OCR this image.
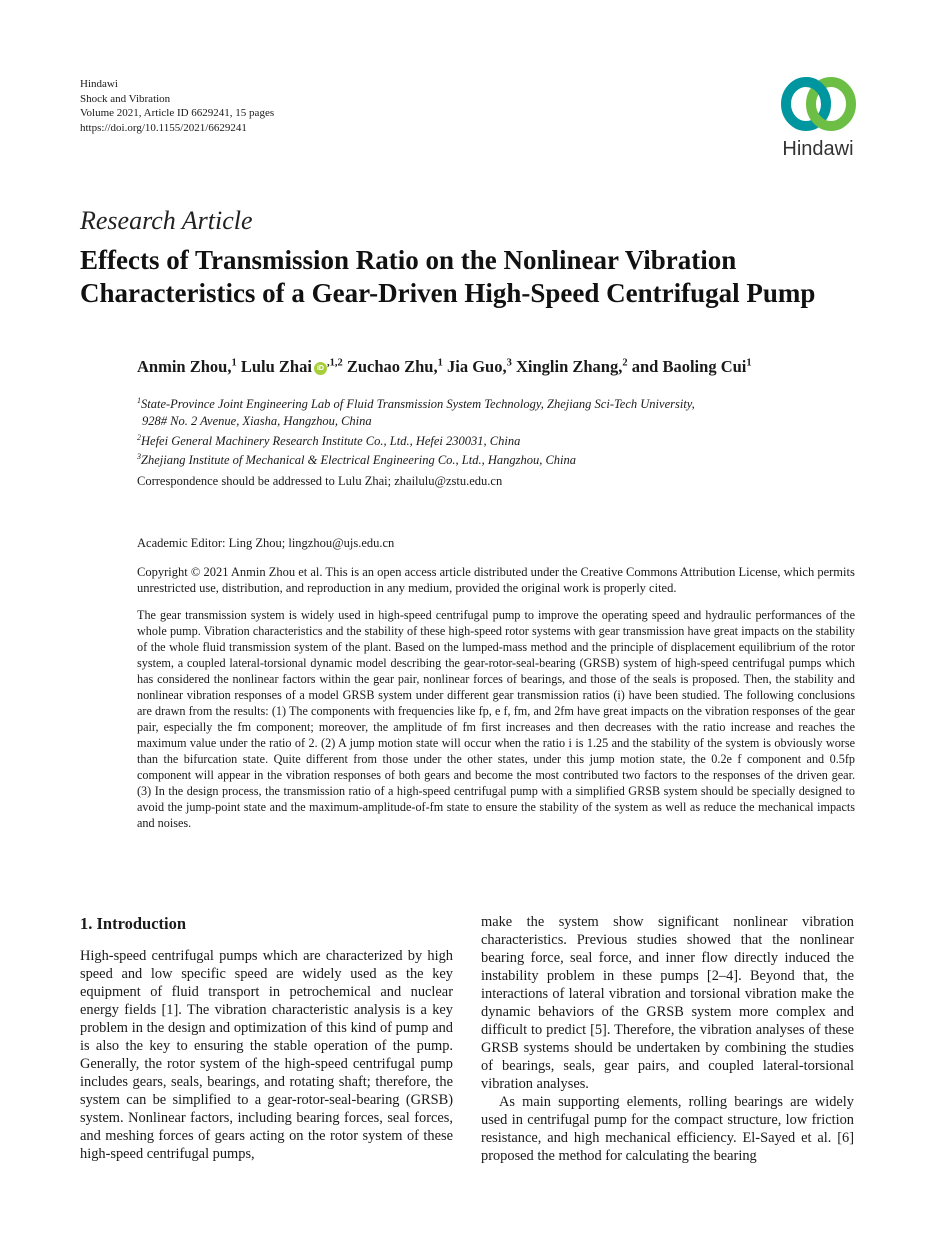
Hindawi
Shock and Vibration
Volume 2021, Article ID 6629241, 15 pages
https://doi.org/10.1155/2021/6629241
Hindawi
Research Article
Effects of Transmission Ratio on the Nonlinear Vibration Characteristics of a Gear-Driven High-Speed Centrifugal Pump
Anmin Zhou,$^1$ Lulu Zhai iD $^{,1,2}$ Zuchao Zhu,$^1$ Jia Guo,$^3$ Xinglin Zhang,$^2$ and Baoling Cui$^1$
$^1$State-Province Joint Engineering Lab of Fluid Transmission System Technology, Zhejiang Sci-Tech University,
928# No. 2 Avenue, Xiasha, Hangzhou, China
$^2$Hefei General Machinery Research Institute Co., Ltd., Hefei 230031, China
$^3$Zhejiang Institute of Mechanical & Electrical Engineering Co., Ltd., Hangzhou, China
Correspondence should be addressed to Lulu Zhai; zhailulu@zstu.edu.cn
Academic Editor: Ling Zhou; lingzhou@ujs.edu.cn
Copyright © 2021 Anmin Zhou et al. This is an open access article distributed under the Creative Commons Attribution License, which permits unrestricted use, distribution, and reproduction in any medium, provided the original work is properly cited.
The gear transmission system is widely used in high-speed centrifugal pump to improve the operating speed and hydraulic performances of the whole pump. Vibration characteristics and the stability of these high-speed rotor systems with gear transmission have great impacts on the stability of the whole fluid transmission system of the plant. Based on the lumped-mass method and the principle of displacement equilibrium of the rotor system, a coupled lateral-torsional dynamic model describing the gear-rotor-seal-bearing (GRSB) system of high-speed centrifugal pumps which has considered the nonlinear factors within the gear pair, nonlinear forces of bearings, and those of the seals is proposed. Then, the stability and nonlinear vibration responses of a model GRSB system under different gear transmission ratios (i) have been studied. The following conclusions are drawn from the results: (1) The components with frequencies like fp, e f, fm, and 2fm have great impacts on the vibration responses of the gear pair, especially the fm component; moreover, the amplitude of fm first increases and then decreases with the ratio increase and reaches the maximum value under the ratio of 2. (2) A jump motion state will occur when the ratio i is 1.25 and the stability of the system is obviously worse than the bifurcation state. Quite different from those under the other states, under this jump motion state, the 0.2e f component and 0.5fp component will appear in the vibration responses of both gears and become the most contributed two factors to the responses of the driven gear. (3) In the design process, the transmission ratio of a high-speed centrifugal pump with a simplified GRSB system should be specially designed to avoid the jump-point state and the maximum-amplitude-of-fm state to ensure the stability of the system as well as reduce the mechanical impacts and noises.
1. Introduction

High-speed centrifugal pumps which are characterized by high speed and low specific speed are widely used as the key equipment of fluid transport in petrochemical and nuclear energy fields [1]. The vibration characteristic analysis is a key problem in the design and optimization of this kind of pump and is also the key to ensuring the stable operation of the pump. Generally, the rotor system of the high-speed centrifugal pump includes gears, seals, bearings, and rotating shaft; therefore, the system can be simplified to a gear-rotor-seal-bearing (GRSB) system. Nonlinear factors, including bearing forces, seal forces, and meshing forces of gears acting on the rotor system of these high-speed centrifugal pumps,

make the system show significant nonlinear vibration characteristics. Previous studies showed that the nonlinear bearing force, seal force, and inner flow directly induced the instability problem in these pumps [2–4]. Beyond that, the interactions of lateral vibration and torsional vibration make the dynamic behaviors of the GRSB system more complex and difficult to predict [5]. Therefore, the vibration analyses of these GRSB systems should be undertaken by combining the studies of bearings, seals, gear pairs, and coupled lateral-torsional vibration analyses.

As main supporting elements, rolling bearings are widely used in centrifugal pump for the compact structure, low friction resistance, and high mechanical efficiency. El-Sayed et al. [6] proposed the method for calculating the bearing
